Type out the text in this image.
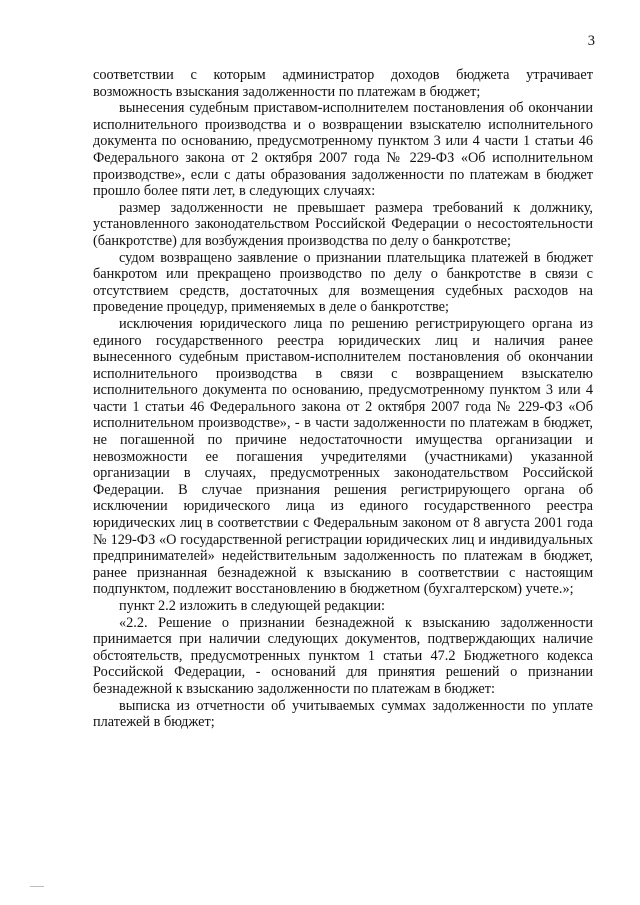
3

соответствии с которым администратор доходов бюджета утрачивает возможность взыскания задолженности по платежам в бюджет;

вынесения судебным приставом-исполнителем постановления об окончании исполнительного производства и о возвращении взыскателю исполнительного документа по основанию, предусмотренному пунктом 3 или 4 части 1 статьи 46 Федерального закона от 2 октября 2007 года № 229-ФЗ «Об исполнительном производстве», если с даты образования задолженности по платежам в бюджет прошло более пяти лет, в следующих случаях:

размер задолженности не превышает размера требований к должнику, установленного законодательством Российской Федерации о несостоятельности (банкротстве) для возбуждения производства по делу о банкротстве;

судом возвращено заявление о признании плательщика платежей в бюджет банкротом или прекращено производство по делу о банкротстве в связи с отсутствием средств, достаточных для возмещения судебных расходов на проведение процедур, применяемых в деле о банкротстве;

исключения юридического лица по решению регистрирующего органа из единого государственного реестра юридических лиц и наличия ранее вынесенного судебным приставом-исполнителем постановления об окончании исполнительного производства в связи с возвращением взыскателю исполнительного документа по основанию, предусмотренному пунктом 3 или 4 части 1 статьи 46 Федерального закона от 2 октября 2007 года № 229-ФЗ «Об исполнительном производстве», - в части задолженности по платежам в бюджет, не погашенной по причине недостаточности имущества организации и невозможности ее погашения учредителями (участниками) указанной организации в случаях, предусмотренных законодательством Российской Федерации. В случае признания решения регистрирующего органа об исключении юридического лица из единого государственного реестра юридических лиц в соответствии с Федеральным законом от 8 августа 2001 года № 129-ФЗ «О государственной регистрации юридических лиц и индивидуальных предпринимателей» недействительным задолженность по платежам в бюджет, ранее признанная безнадежной к взысканию в соответствии с настоящим подпунктом, подлежит восстановлению в бюджетном (бухгалтерском) учете.»;

пункт 2.2 изложить в следующей редакции:

«2.2. Решение о признании безнадежной к взысканию задолженности принимается при наличии следующих документов, подтверждающих наличие обстоятельств, предусмотренных пунктом 1 статьи 47.2 Бюджетного кодекса Российской Федерации, - оснований для принятия решений о признании безнадежной к взысканию задолженности по платежам в бюджет:

выписка из отчетности об учитываемых суммах задолженности по уплате платежей в бюджет;
